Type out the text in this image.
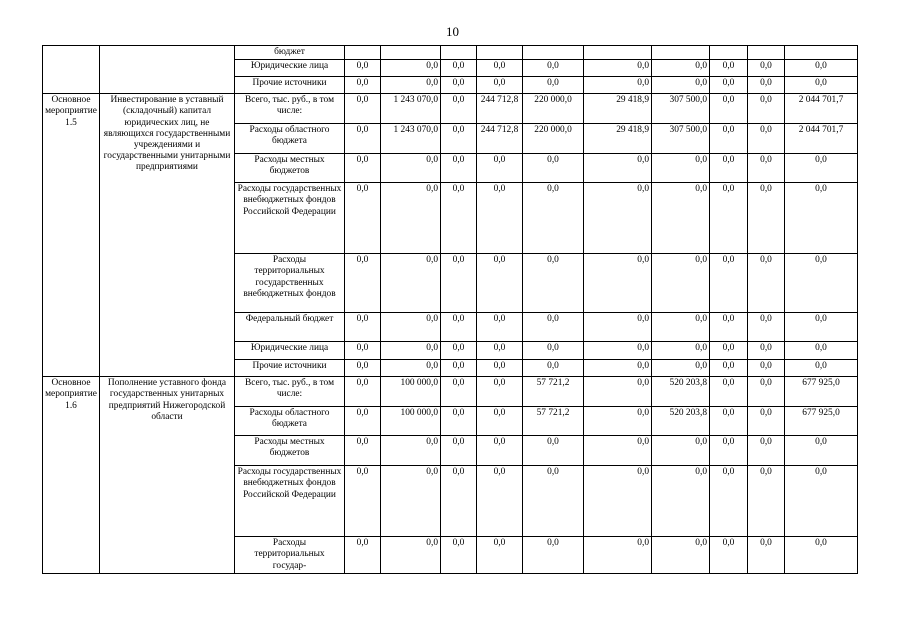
10
		бюджет										
		Юридические лица	0,0	0,0	0,0	0,0	0,0	0,0	0,0	0,0	0,0	0,0
		Прочие источники	0,0	0,0	0,0	0,0	0,0	0,0	0,0	0,0	0,0	0,0
Основное мероприятие 1.5	Инвестирование в уставный (складочный) капитал юридических лиц, не являющихся государственными учреждениями и государственными унитарными предприятиями	Всего, тыс. руб., в том числе:	0,0	1 243 070,0	0,0	244 712,8	220 000,0	29 418,9	307 500,0	0,0	0,0	2 044 701,7
		Расходы областного бюджета	0,0	1 243 070,0	0,0	244 712,8	220 000,0	29 418,9	307 500,0	0,0	0,0	2 044 701,7
		Расходы местных бюджетов	0,0	0,0	0,0	0,0	0,0	0,0	0,0	0,0	0,0	0,0
		Расходы государственных внебюджетных фондов Российской Федерации	0,0	0,0	0,0	0,0	0,0	0,0	0,0	0,0	0,0	0,0
		Расходы территориальных государственных внебюджетных фондов	0,0	0,0	0,0	0,0	0,0	0,0	0,0	0,0	0,0	0,0
		Федеральный бюджет	0,0	0,0	0,0	0,0	0,0	0,0	0,0	0,0	0,0	0,0
		Юридические лица	0,0	0,0	0,0	0,0	0,0	0,0	0,0	0,0	0,0	0,0
		Прочие источники	0,0	0,0	0,0	0,0	0,0	0,0	0,0	0,0	0,0	0,0
Основное мероприятие 1.6	Пополнение уставного фонда государственных унитарных предприятий Нижегородской области	Всего, тыс. руб., в том числе:	0,0	100 000,0	0,0	0,0	57 721,2	0,0	520 203,8	0,0	0,0	677 925,0
		Расходы областного бюджета	0,0	100 000,0	0,0	0,0	57 721,2	0,0	520 203,8	0,0	0,0	677 925,0
		Расходы местных бюджетов	0,0	0,0	0,0	0,0	0,0	0,0	0,0	0,0	0,0	0,0
		Расходы государственных внебюджетных фондов Российской Федерации	0,0	0,0	0,0	0,0	0,0	0,0	0,0	0,0	0,0	0,0
		Расходы территориальных государ-	0,0	0,0	0,0	0,0	0,0	0,0	0,0	0,0	0,0	0,0
